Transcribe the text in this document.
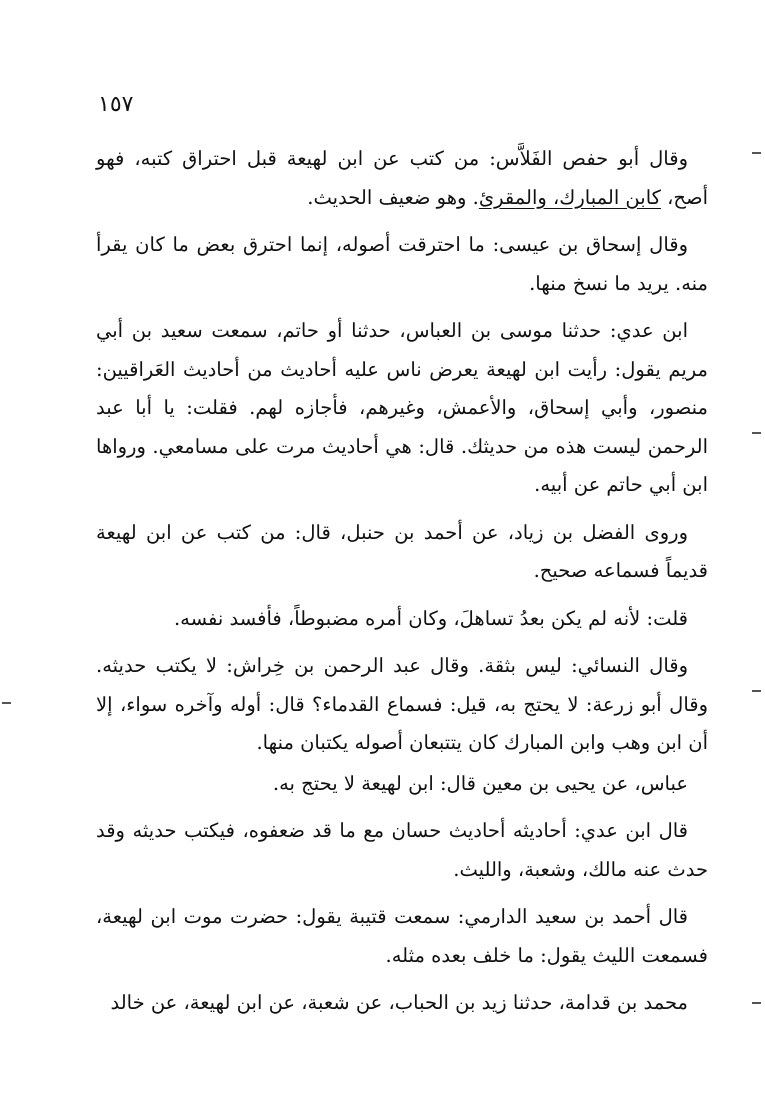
١٥٧

وقال أبو حفص الفَلاَّس: من كتب عن ابن لهيعة قبل احتراق كتبه، فهو أصح، كابن المبارك، والمقرئ. وهو ضعيف الحديث.

وقال إسحاق بن عيسى: ما احترقت أصوله، إنما احترق بعض ما كان يقرأ منه. يريد ما نسخ منها.

ابن عدي: حدثنا موسى بن العباس، حدثنا أو حاتم، سمعت سعيد بن أبي مريم يقول: رأيت ابن لهيعة يعرض ناس عليه أحاديث من أحاديث العَراقيين: منصور، وأبي إسحاق، والأعمش، وغيرهم، فأجازه لهم. فقلت: يا أبا عبد الرحمن ليست هذه من حديثك. قال: هي أحاديث مرت على مسامعي. ورواها ابن أبي حاتم عن أبيه.

وروى الفضل بن زياد، عن أحمد بن حنبل، قال: من كتب عن ابن لهيعة قديماً فسماعه صحيح.

قلت: لأنه لم يكن بعدُ تساهلَ، وكان أمره مضبوطاً، فأفسد نفسه.

وقال النسائي: ليس بثقة. وقال عبد الرحمن بن خِراش: لا يكتب حديثه. وقال أبو زرعة: لا يحتج به، قيل: فسماع القدماء؟ قال: أوله وآخره سواء، إلا أن ابن وهب وابن المبارك كان يتتبعان أصوله يكتبان منها.

عباس، عن يحيى بن معين قال: ابن لهيعة لا يحتج به.

قال ابن عدي: أحاديثه أحاديث حسان مع ما قد ضعفوه، فيكتب حديثه وقد حدث عنه مالك، وشعبة، والليث.

قال أحمد بن سعيد الدارمي: سمعت قتيبة يقول: حضرت موت ابن لهيعة، فسمعت الليث يقول: ما خلف بعده مثله.

محمد بن قدامة، حدثنا زيد بن الحباب، عن شعبة، عن ابن لهيعة، عن خالد
